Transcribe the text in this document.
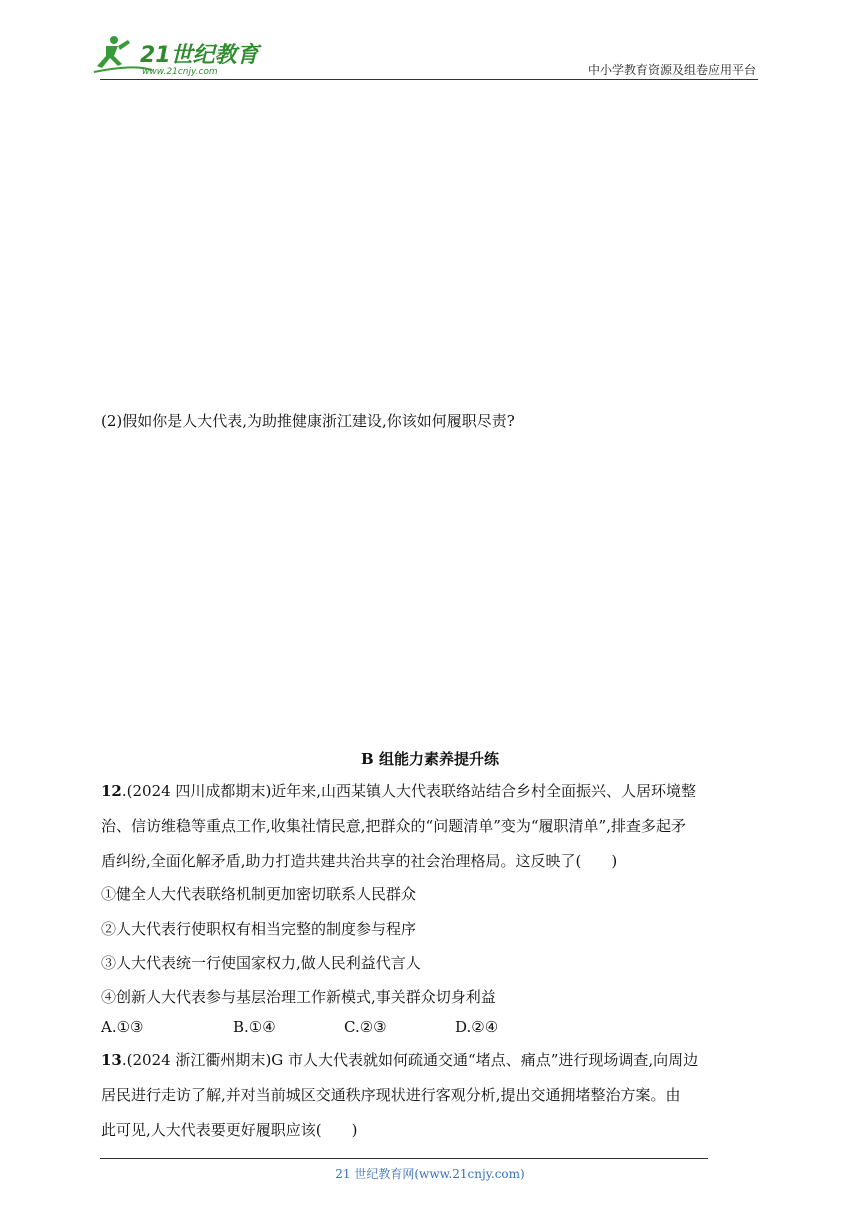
21世纪教育
www.21cnjy.com	中小学教育资源及组卷应用平台
(2)假如你是人大代表,为助推健康浙江建设,你该如何履职尽责?
B 组能力素养提升练
12.(2024 四川成都期末)近年来,山西某镇人大代表联络站结合乡村全面振兴、人居环境整
治、信访维稳等重点工作,收集社情民意,把群众的“问题清单”变为“履职清单”,排查多起矛
盾纠纷,全面化解矛盾,助力打造共建共治共享的社会治理格局。这反映了(　　)
①健全人大代表联络机制更加密切联系人民群众
②人大代表行使职权有相当完整的制度参与程序
③人大代表统一行使国家权力,做人民利益代言人
④创新人大代表参与基层治理工作新模式,事关群众切身利益
A.①③	B.①④	C.②③	D.②④
13.(2024 浙江衢州期末)G 市人大代表就如何疏通交通“堵点、痛点”进行现场调查,向周边
居民进行走访了解,并对当前城区交通秩序现状进行客观分析,提出交通拥堵整治方案。由
此可见,人大代表要更好履职应该(　　)
21 世纪教育网(www.21cnjy.com)
